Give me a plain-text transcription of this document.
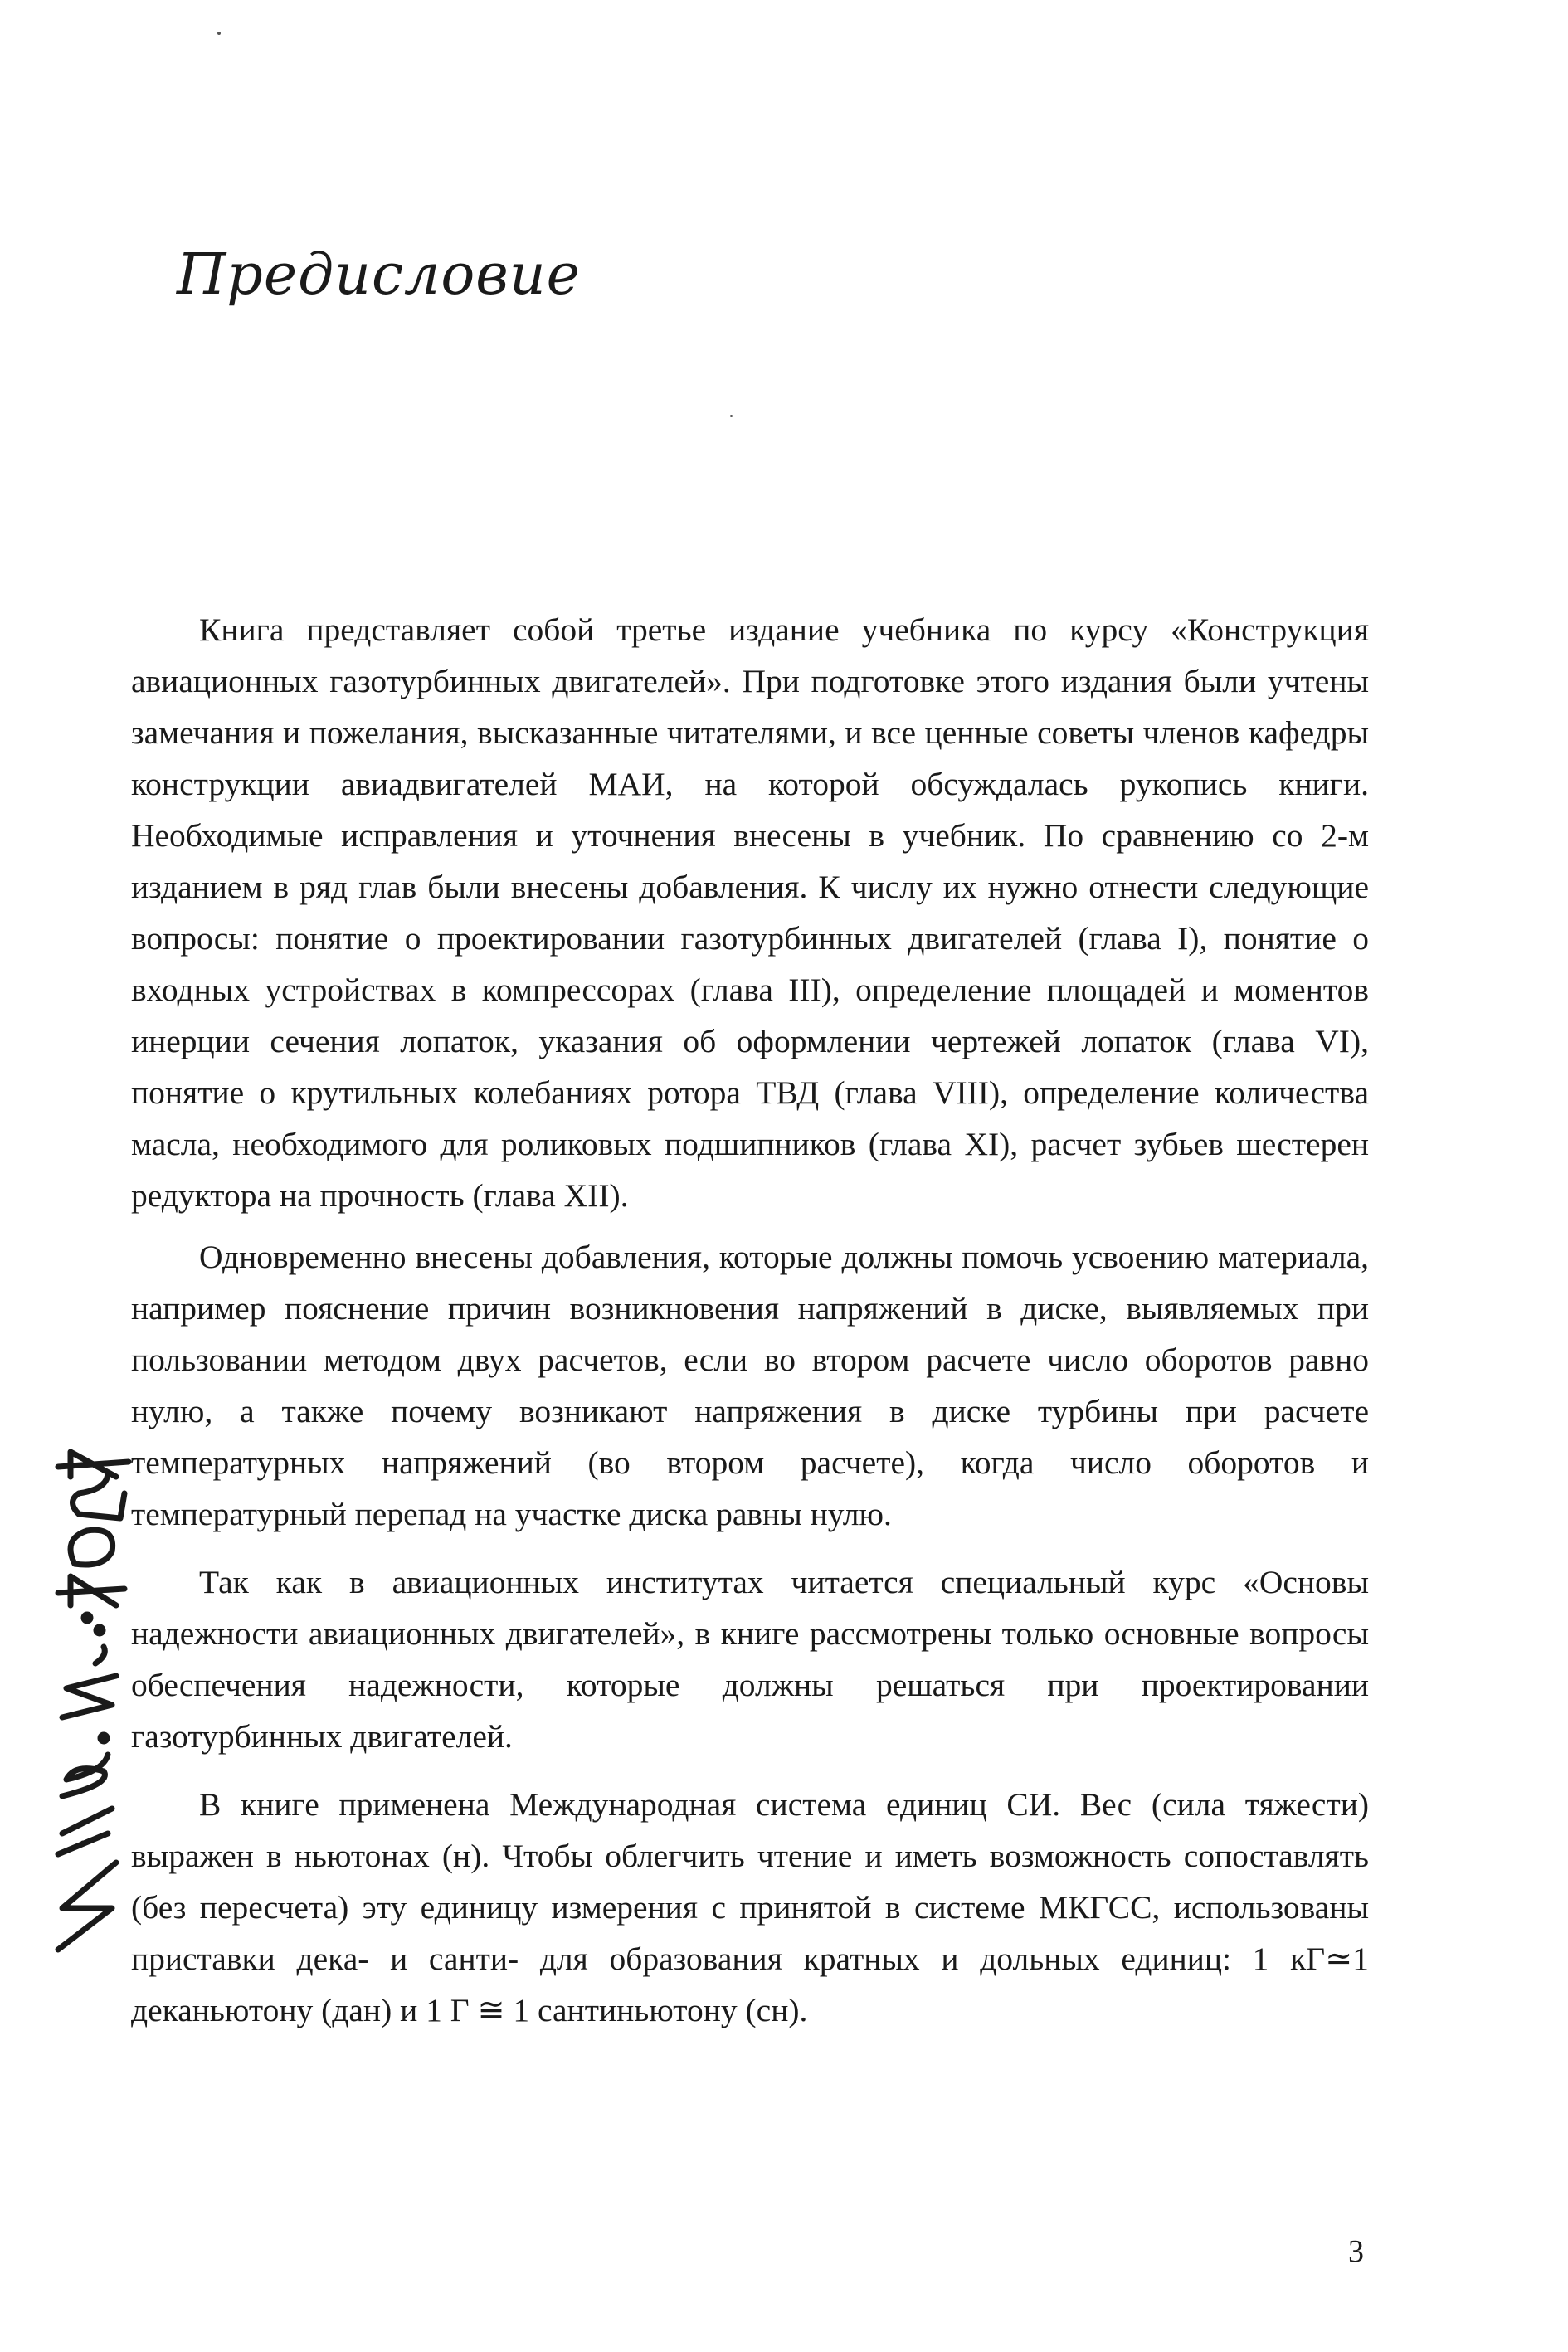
Предисловие

Книга представляет собой третье издание учебника по курсу «Конструкция авиационных газотурбинных двигателей». При подготовке этого издания были учтены замечания и пожелания, высказанные читателями, и все ценные советы членов кафедры конструкции авиадвигателей МАИ, на которой обсуждалась рукопись книги. Необходимые исправления и уточнения внесены в учебник. По сравнению со 2-м изданием в ряд глав были внесены добавления. К числу их нужно отнести следующие вопросы: понятие о проектировании газотурбинных двигателей (глава I), понятие о входных устройствах в компрессорах (глава III), определение площадей и моментов инерции сечения лопаток, указания об оформлении чертежей лопаток (глава VI), понятие о крутильных колебаниях ротора ТВД (глава VIII), определение количества масла, необходимого для роликовых подшипников (глава XI), расчет зубьев шестерен редуктора на прочность (глава XII).

Одновременно внесены добавления, которые должны помочь усвоению материала, например пояснение причин возникновения напряжений в диске, выявляемых при пользовании методом двух расчетов, если во втором расчете число оборотов равно нулю, а также почему возникают напряжения в диске турбины при расчете температурных напряжений (во втором расчете), когда число оборотов и температурный перепад на участке диска равны нулю.

Так как в авиационных институтах читается специальный курс «Основы надежности авиационных двигателей», в книге рассмотрены только основные вопросы обеспечения надежности, которые должны решаться при проектировании газотурбинных двигателей.

В книге применена Международная система единиц СИ. Вес (сила тяжести) выражен в ньютонах (н). Чтобы облегчить чтение и иметь возможность сопоставлять (без пересчета) эту единицу измерения с принятой в системе МКГСС, использованы приставки дека- и санти- для образования кратных и дольных единиц: 1 кГ≃1 деканьютону (дан) и 1 Г ≅ 1 сантиньютону (сн).

3
